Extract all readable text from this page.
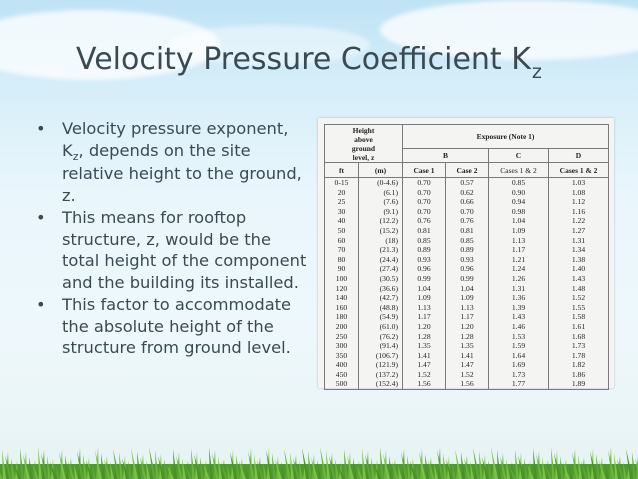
Velocity Pressure Coefficient $K_z$
• Velocity pressure exponent, $K_z$, depends on the site relative height to the ground, z.
• This means for rooftop structure, z, would be the total height of the component and the building its installed.
• This factor to accommodate the absolute height of the structure from ground level.
Height above ground level, z		Exposure (Note 1)			
		B		C	D
ft	(m)	Case 1	Case 2	Cases 1 & 2	Cases 1 & 2
0-15	(0-4.6)	0.70	0.57	0.85	1.03
20	(6.1)	0.70	0.62	0.90	1.08
25	(7.6)	0.70	0.66	0.94	1.12
30	(9.1)	0.70	0.70	0.98	1.16
40	(12.2)	0.76	0.76	1.04	1.22
50	(15.2)	0.81	0.81	1.09	1.27
60	(18)	0.85	0.85	1.13	1.31
70	(21.3)	0.89	0.89	1.17	1.34
80	(24.4)	0.93	0.93	1.21	1.38
90	(27.4)	0.96	0.96	1.24	1.40
100	(30.5)	0.99	0.99	1.26	1.43
120	(36.6)	1.04	1.04	1.31	1.48
140	(42.7)	1.09	1.09	1.36	1.52
160	(48.8)	1.13	1.13	1.39	1.55
180	(54.9)	1.17	1.17	1.43	1.58
200	(61.0)	1.20	1.20	1.46	1.61
250	(76.2)	1.28	1.28	1.53	1.68
300	(91.4)	1.35	1.35	1.59	1.73
350	(106.7)	1.41	1.41	1.64	1.78
400	(121.9)	1.47	1.47	1.69	1.82
450	(137.2)	1.52	1.52	1.73	1.86
500	(152.4)	1.56	1.56	1.77	1.89
